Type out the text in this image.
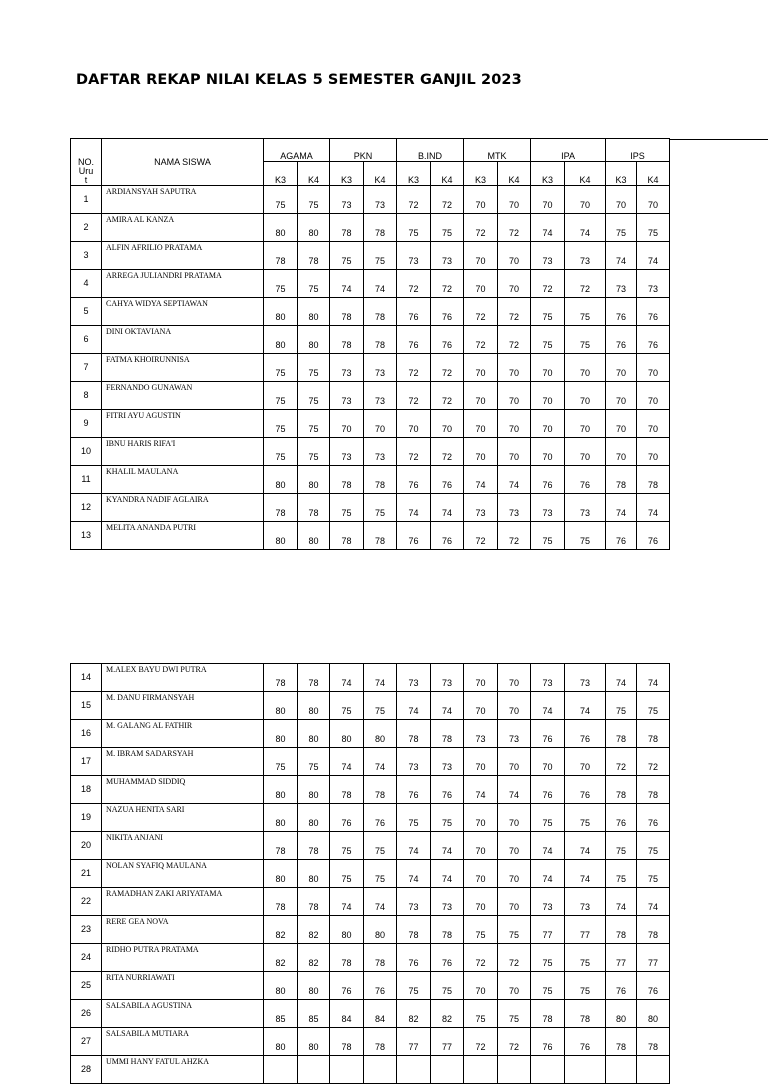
DAFTAR REKAP NILAI KELAS 5 SEMESTER GANJIL 2023
NO.
Uru
t	NAMA SISWA	AGAMA		PKN		B.IND		MTK		IPA		IPS	
		K3	K4	K3	K4	K3	K4	K3	K4	K3	K4	K3	K4
1	ARDIANSYAH SAPUTRA	75	75	73	73	72	72	70	70	70	70	70	70
2	AMIRA AL KANZA	80	80	78	78	75	75	72	72	74	74	75	75
3	ALFIN AFRILIO PRATAMA	78	78	75	75	73	73	70	70	73	73	74	74
4	ARREGA JULIANDRI PRATAMA	75	75	74	74	72	72	70	70	72	72	73	73
5	CAHYA WIDYA SEPTIAWAN	80	80	78	78	76	76	72	72	75	75	76	76
6	DINI OKTAVIANA	80	80	78	78	76	76	72	72	75	75	76	76
7	FATMA KHOIRUNNISA	75	75	73	73	72	72	70	70	70	70	70	70
8	FERNANDO GUNAWAN	75	75	73	73	72	72	70	70	70	70	70	70
9	FITRI AYU AGUSTIN	75	75	70	70	70	70	70	70	70	70	70	70
10	IBNU HARIS RIFA'I	75	75	73	73	72	72	70	70	70	70	70	70
11	KHALIL MAULANA	80	80	78	78	76	76	74	74	76	76	78	78
12	KYANDRA NADIF AGLAIRA	78	78	75	75	74	74	73	73	73	73	74	74
13	MELITA ANANDA PUTRI	80	80	78	78	76	76	72	72	75	75	76	76
14	M.ALEX BAYU DWI PUTRA	78	78	74	74	73	73	70	70	73	73	74	74
15	M. DANU FIRMANSYAH	80	80	75	75	74	74	70	70	74	74	75	75
16	M. GALANG AL FATHIR	80	80	80	80	78	78	73	73	76	76	78	78
17	M. IBRAM SADARSYAH	75	75	74	74	73	73	70	70	70	70	72	72
18	MUHAMMAD SIDDIQ	80	80	78	78	76	76	74	74	76	76	78	78
19	NAZUA HENITA SARI	80	80	76	76	75	75	70	70	75	75	76	76
20	NIKITA ANJANI	78	78	75	75	74	74	70	70	74	74	75	75
21	NOLAN SYAFIQ MAULANA	80	80	75	75	74	74	70	70	74	74	75	75
22	RAMADHAN ZAKI ARIYATAMA	78	78	74	74	73	73	70	70	73	73	74	74
23	RERE GEA NOVA	82	82	80	80	78	78	75	75	77	77	78	78
24	RIDHO PUTRA PRATAMA	82	82	78	78	76	76	72	72	75	75	77	77
25	RITA NURRIAWATI	80	80	76	76	75	75	70	70	75	75	76	76
26	SALSABILA AGUSTINA	85	85	84	84	82	82	75	75	78	78	80	80
27	SALSABILA MUTIARA	80	80	78	78	77	77	72	72	76	76	78	78
28	UMMI HANY FATUL AHZKA												
